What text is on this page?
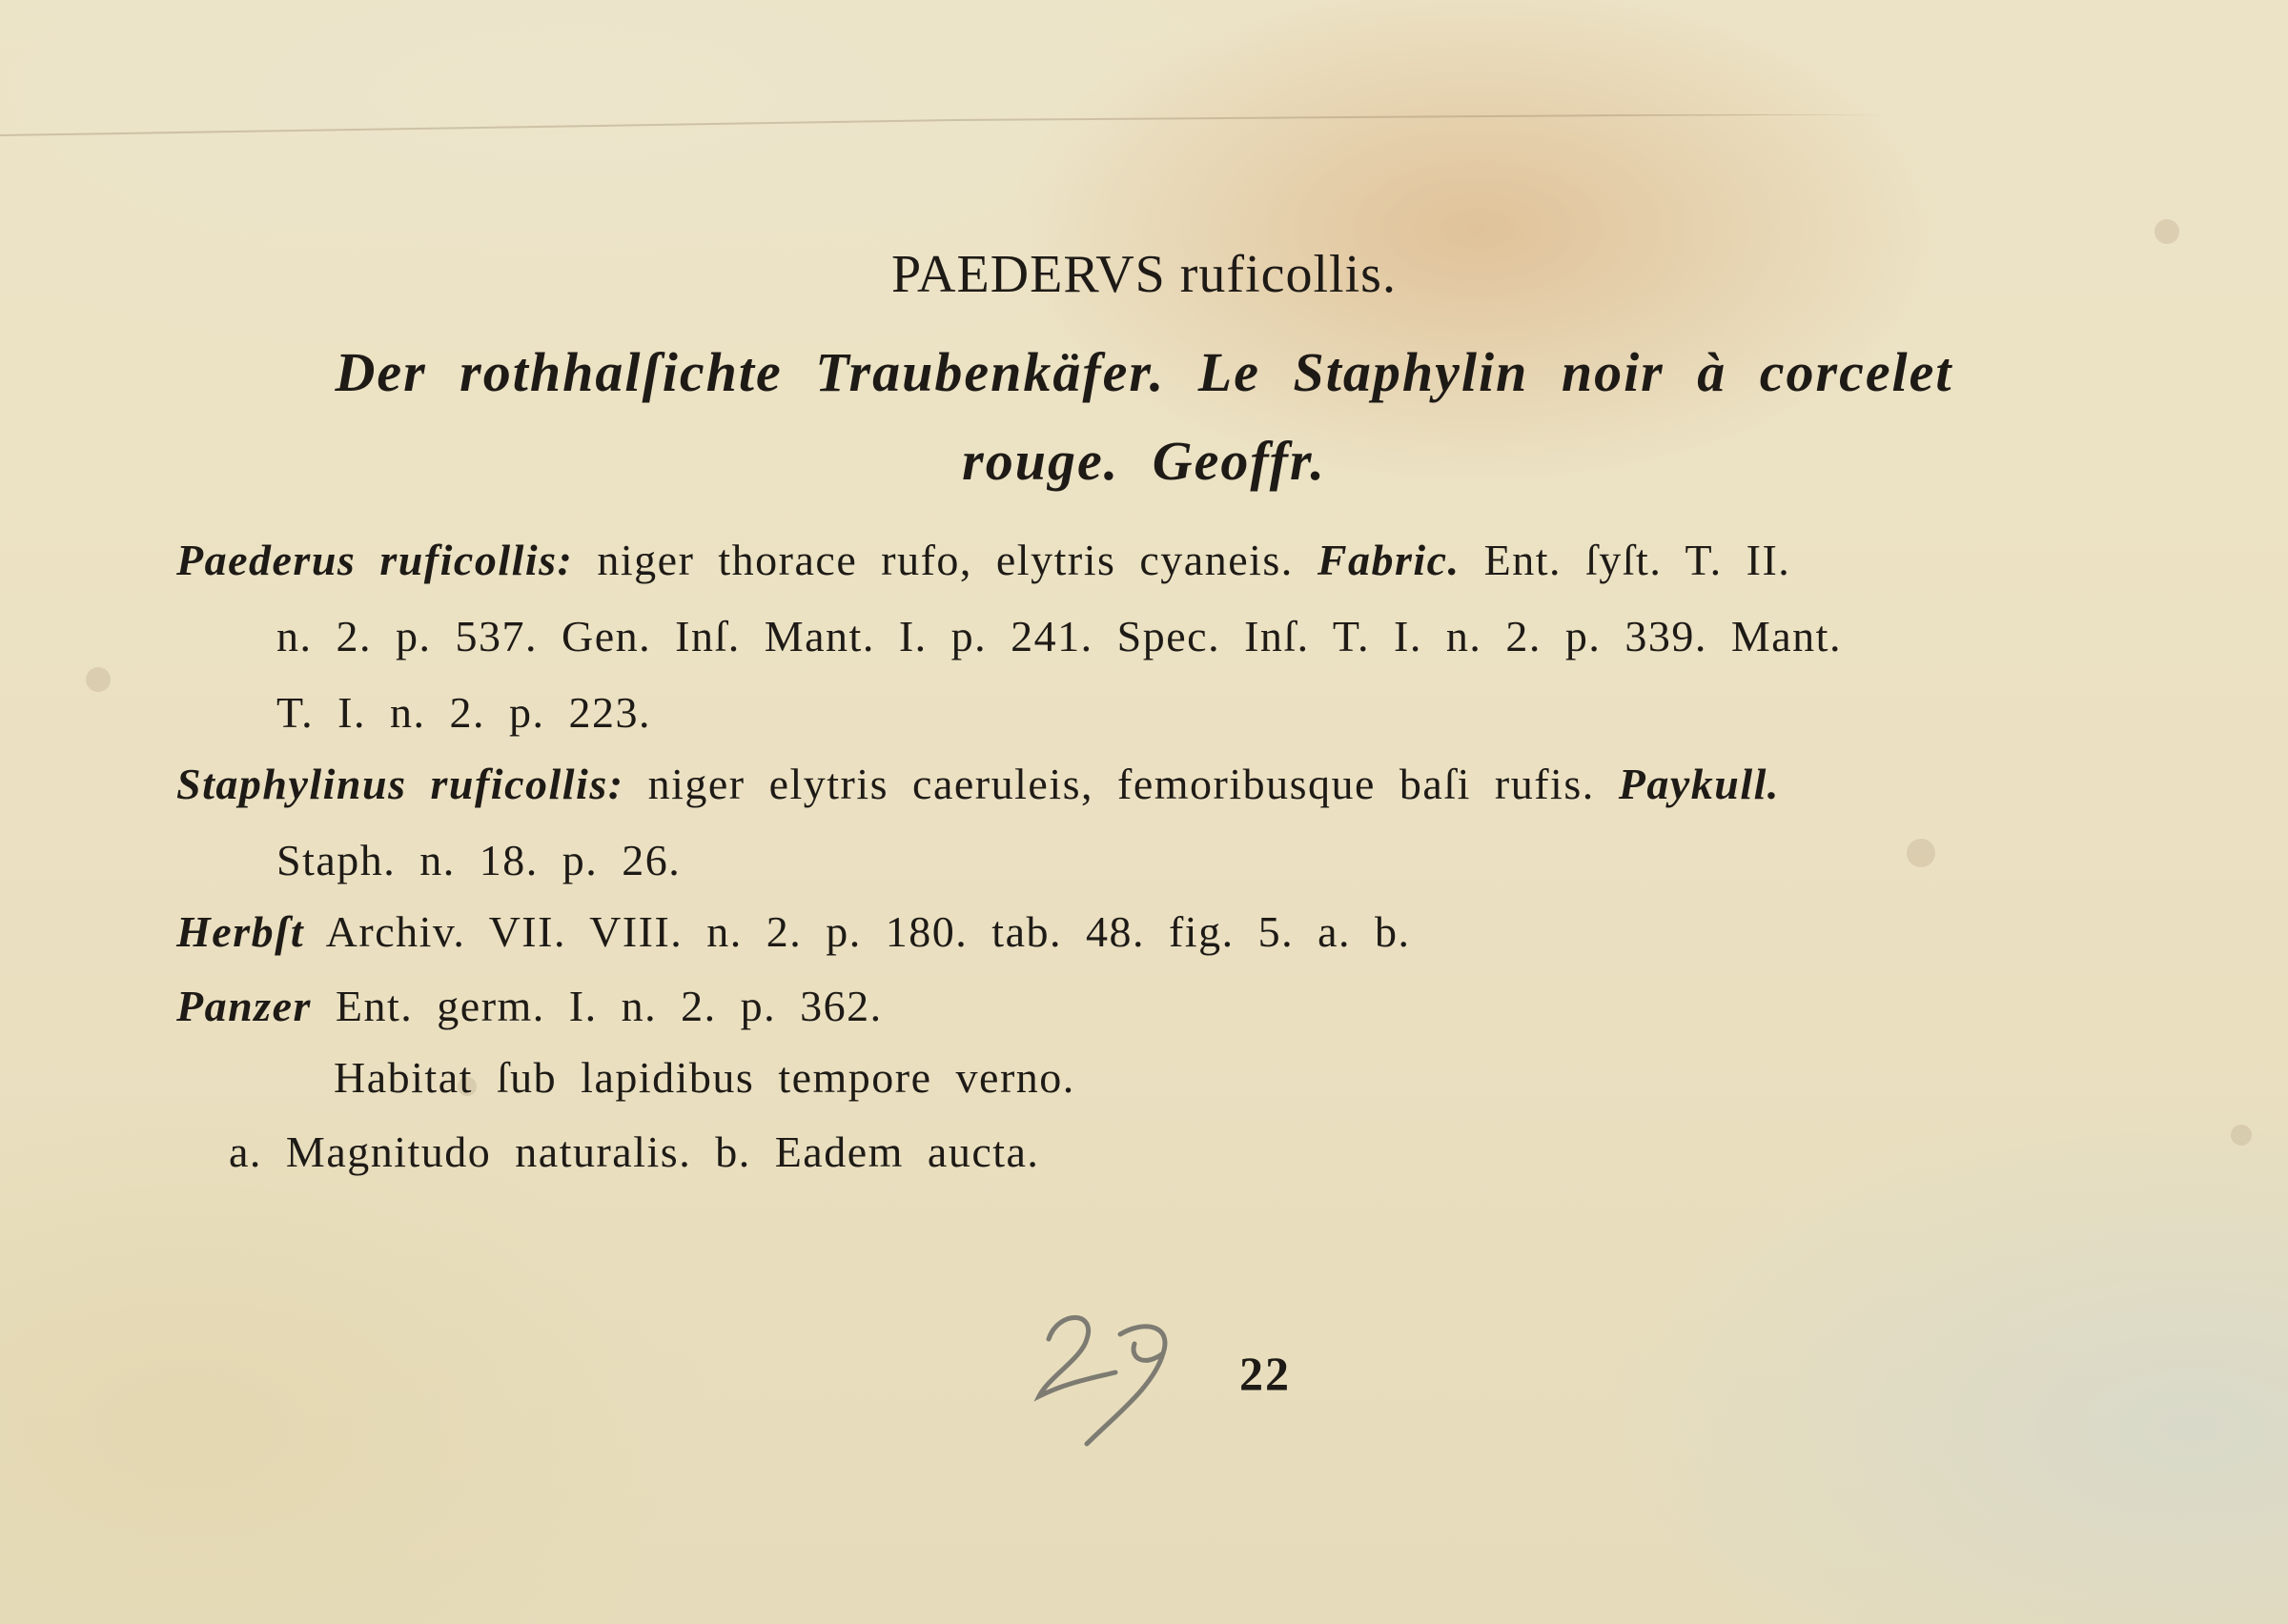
PAEDERVS ruficollis.
Der rothhalſichte Traubenkäfer. Le Staphylin noir à corcelet
rouge. Geoffr.
Paederus ruficollis: niger thorace rufo, elytris cyaneis. Fabric. Ent. ſyſt. T. II.
n. 2. p. 537. Gen. Inſ. Mant. I. p. 241. Spec. Inſ. T. I. n. 2. p. 339. Mant.
T. I. n. 2. p. 223.
Staphylinus ruficollis: niger elytris caeruleis, femoribusque baſi rufis. Paykull.
Staph. n. 18. p. 26.
Herbſt Archiv. VII. VIII. n. 2. p. 180. tab. 48. fig. 5. a. b.
Panzer Ent. germ. I. n. 2. p. 362.
Habitat ſub lapidibus tempore verno.
a. Magnitudo naturalis. b. Eadem aucta.
22
